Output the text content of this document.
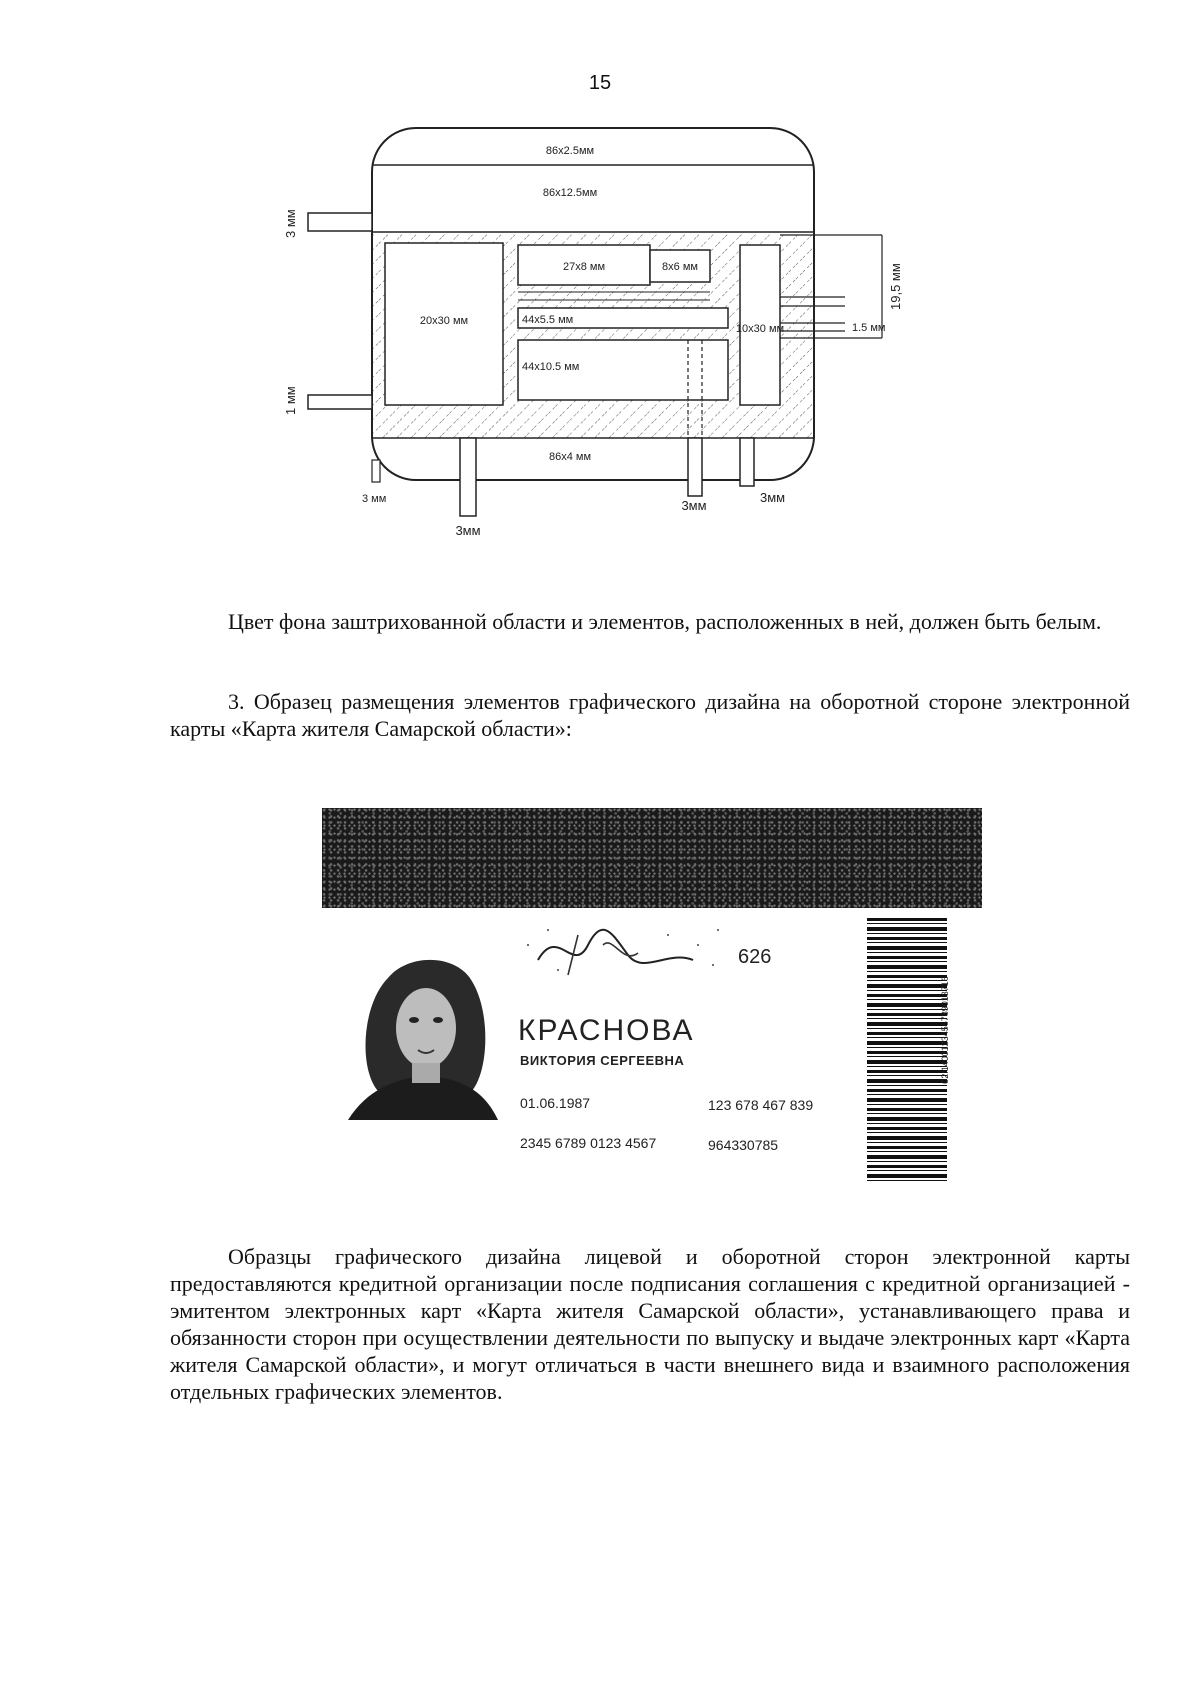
15
86x2.5мм
86x12.5мм
20x30 мм
27x8 мм	8x6 мм
44x5.5 мм
44x10.5 мм
10x30 мм
86x4 мм
3 мм
1 мм
19,5 мм
1.5 мм
3 мм
3мм
3мм
3мм

Цвет фона заштрихованной области и элементов, расположенных в ней, должен быть белым.

3. Образец размещения элементов графического дизайна на оборотной стороне электронной карты «Карта жителя Самарской области»:

626
КРАСНОВА
ВИКТОРИЯ СЕРГЕЕВНА
01.06.1987	123 678 467 839
2345 6789 0123 4567	964330785
02:1400123456789013716

Образцы графического дизайна лицевой и оборотной сторон электронной карты предоставляются кредитной организации после подписания соглашения с кредитной организацией - эмитентом электронных карт «Карта жителя Самарской области», устанавливающего права и обязанности сторон при осуществлении деятельности по выпуску и выдаче электронных карт «Карта жителя Самарской области», и могут отличаться в части внешнего вида и взаимного расположения отдельных графических элементов.
